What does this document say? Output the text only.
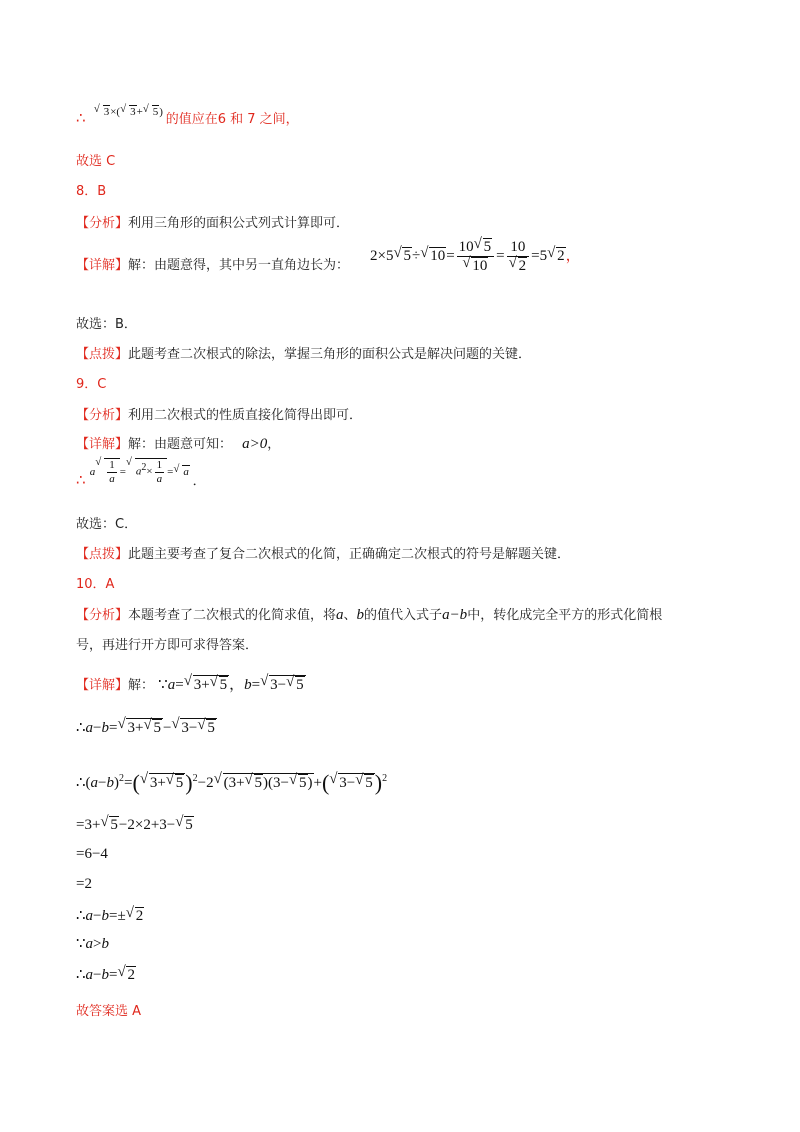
∴ √ $^{3\times(√ 3+√ 5)}$ 的值应在6 和 7 之间，
故选 C
8．B
【分析】利用三角形的面积公式列式计算即可．
【详解】解：由题意得，其中另一直角边长为：
2×5√ 5÷√ 10= 10√ 5
√ 10 = 10
√ 2 =5√ 2，
故选：B．
【点拨】此题考查二次根式的除法，掌握三角形的面积公式是解决问题的关键．
9．C
【分析】利用二次根式的性质直接化简得出即可．
【详解】解：由题意可知： a>0，
∴ a
√ $\frac{1}{a}$ =√ $a2\times \frac{1}{a}$ =√ a ．
故选：C．
【点拨】此题主要考查了复合二次根式的化简，正确确定二次根式的符号是解题关键．
10．A
【分析】本题考查了二次根式的化简求值，将a、b的值代入式子a−b中，转化成完全平方的形式化简根
号，再进行开方即可求得答案．
【详解】解： ∵a=√ 3+√ 5 ，b=√ 3−√ 5
∴a−b=√ 3+√ 5 −√ 3−√ 5
$\therefore(a-b)^2=(√$ 3+√ 5)$^2$−2√ (3+√ 5)(3−√ 5)+(√ 3−√ 5)$^2$
=3+√ 5−2×2+3−√ 5
=6−4
=2
∴a−b=±√ 2
∵a>b
∴a−b=√ 2
故答案选 A
